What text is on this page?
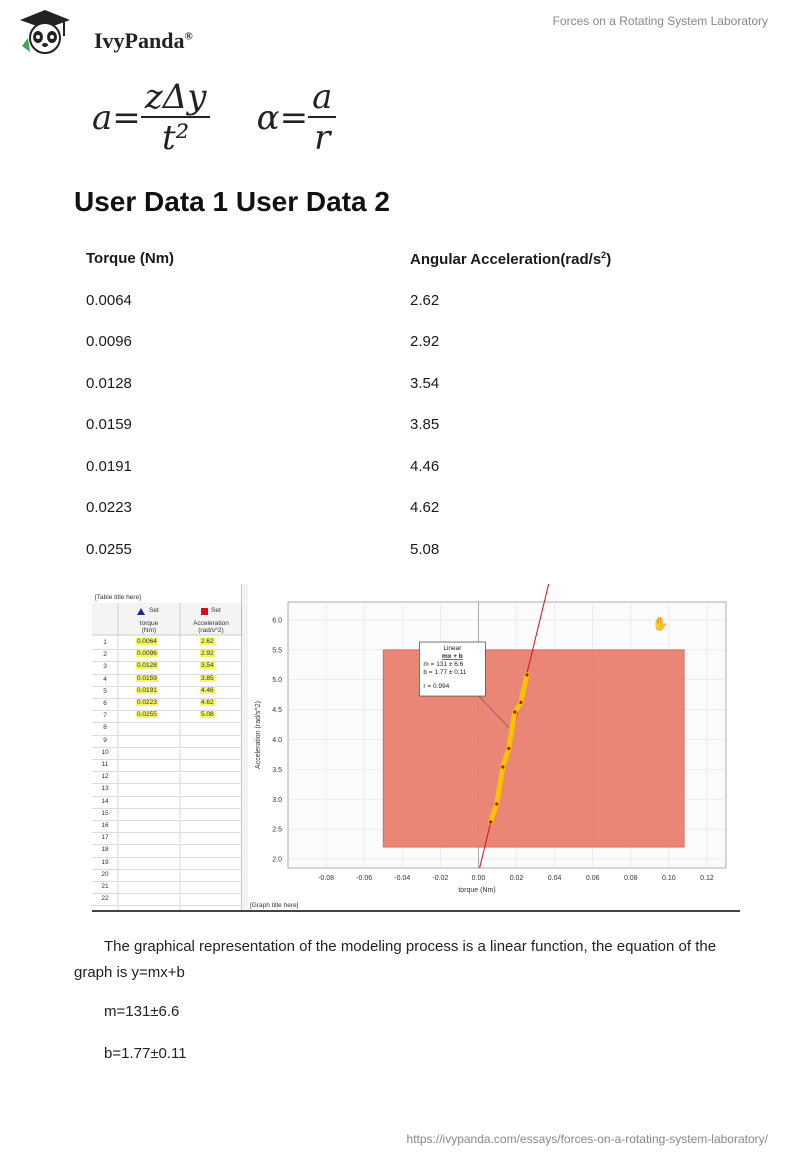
IvyPanda®
Forces on a Rotating System Laboratory
$a= \frac{\text{zΔy}}{\text{t²}} \alpha= \frac{a}{r}$
User Data 1 User Data 2
Torque (Nm)	Angular $Acceleration(rad/s^2)$
0.0064	2.62
0.0096	2.92
0.0128	3.54
0.0159	3.85
0.0191	4.46
0.0223	4.62
0.0255	5.08
[Table title here]
Set	Set
torque
(Nm)
Acceleration
(rad/s^2)
1	0.0064	2.62
2	0.0096	2.92
3	0.0128	3.54
4	0.0159	3.85
5	0.0191	4.46
6	0.0223	4.62
7	0.0255	5.08
8
9
10
11
12
13
14
15
16
17
18
19
20
21
22
-0.08	-0.06	-0.04	-0.02	0.00	0.02	0.04	0.06	0.08	0.10	0.12
2.0
2.5
3.0
3.5
4.0
4.5
5.0
5.5
6.0
Linear
mx + b
m = 131 ± 6.6
b = 1.77 ± 0.11
r = 0.994
torque (Nm)
Acceleration (rad/s^2)
[Graph title here]
✋
The graphical representation of the modeling process is a linear function, the equation of the graph is y=mx+b
m=131±6.6
b=1.77±0.11
https://ivypanda.com/essays/forces-on-a-rotating-system-laboratory/
